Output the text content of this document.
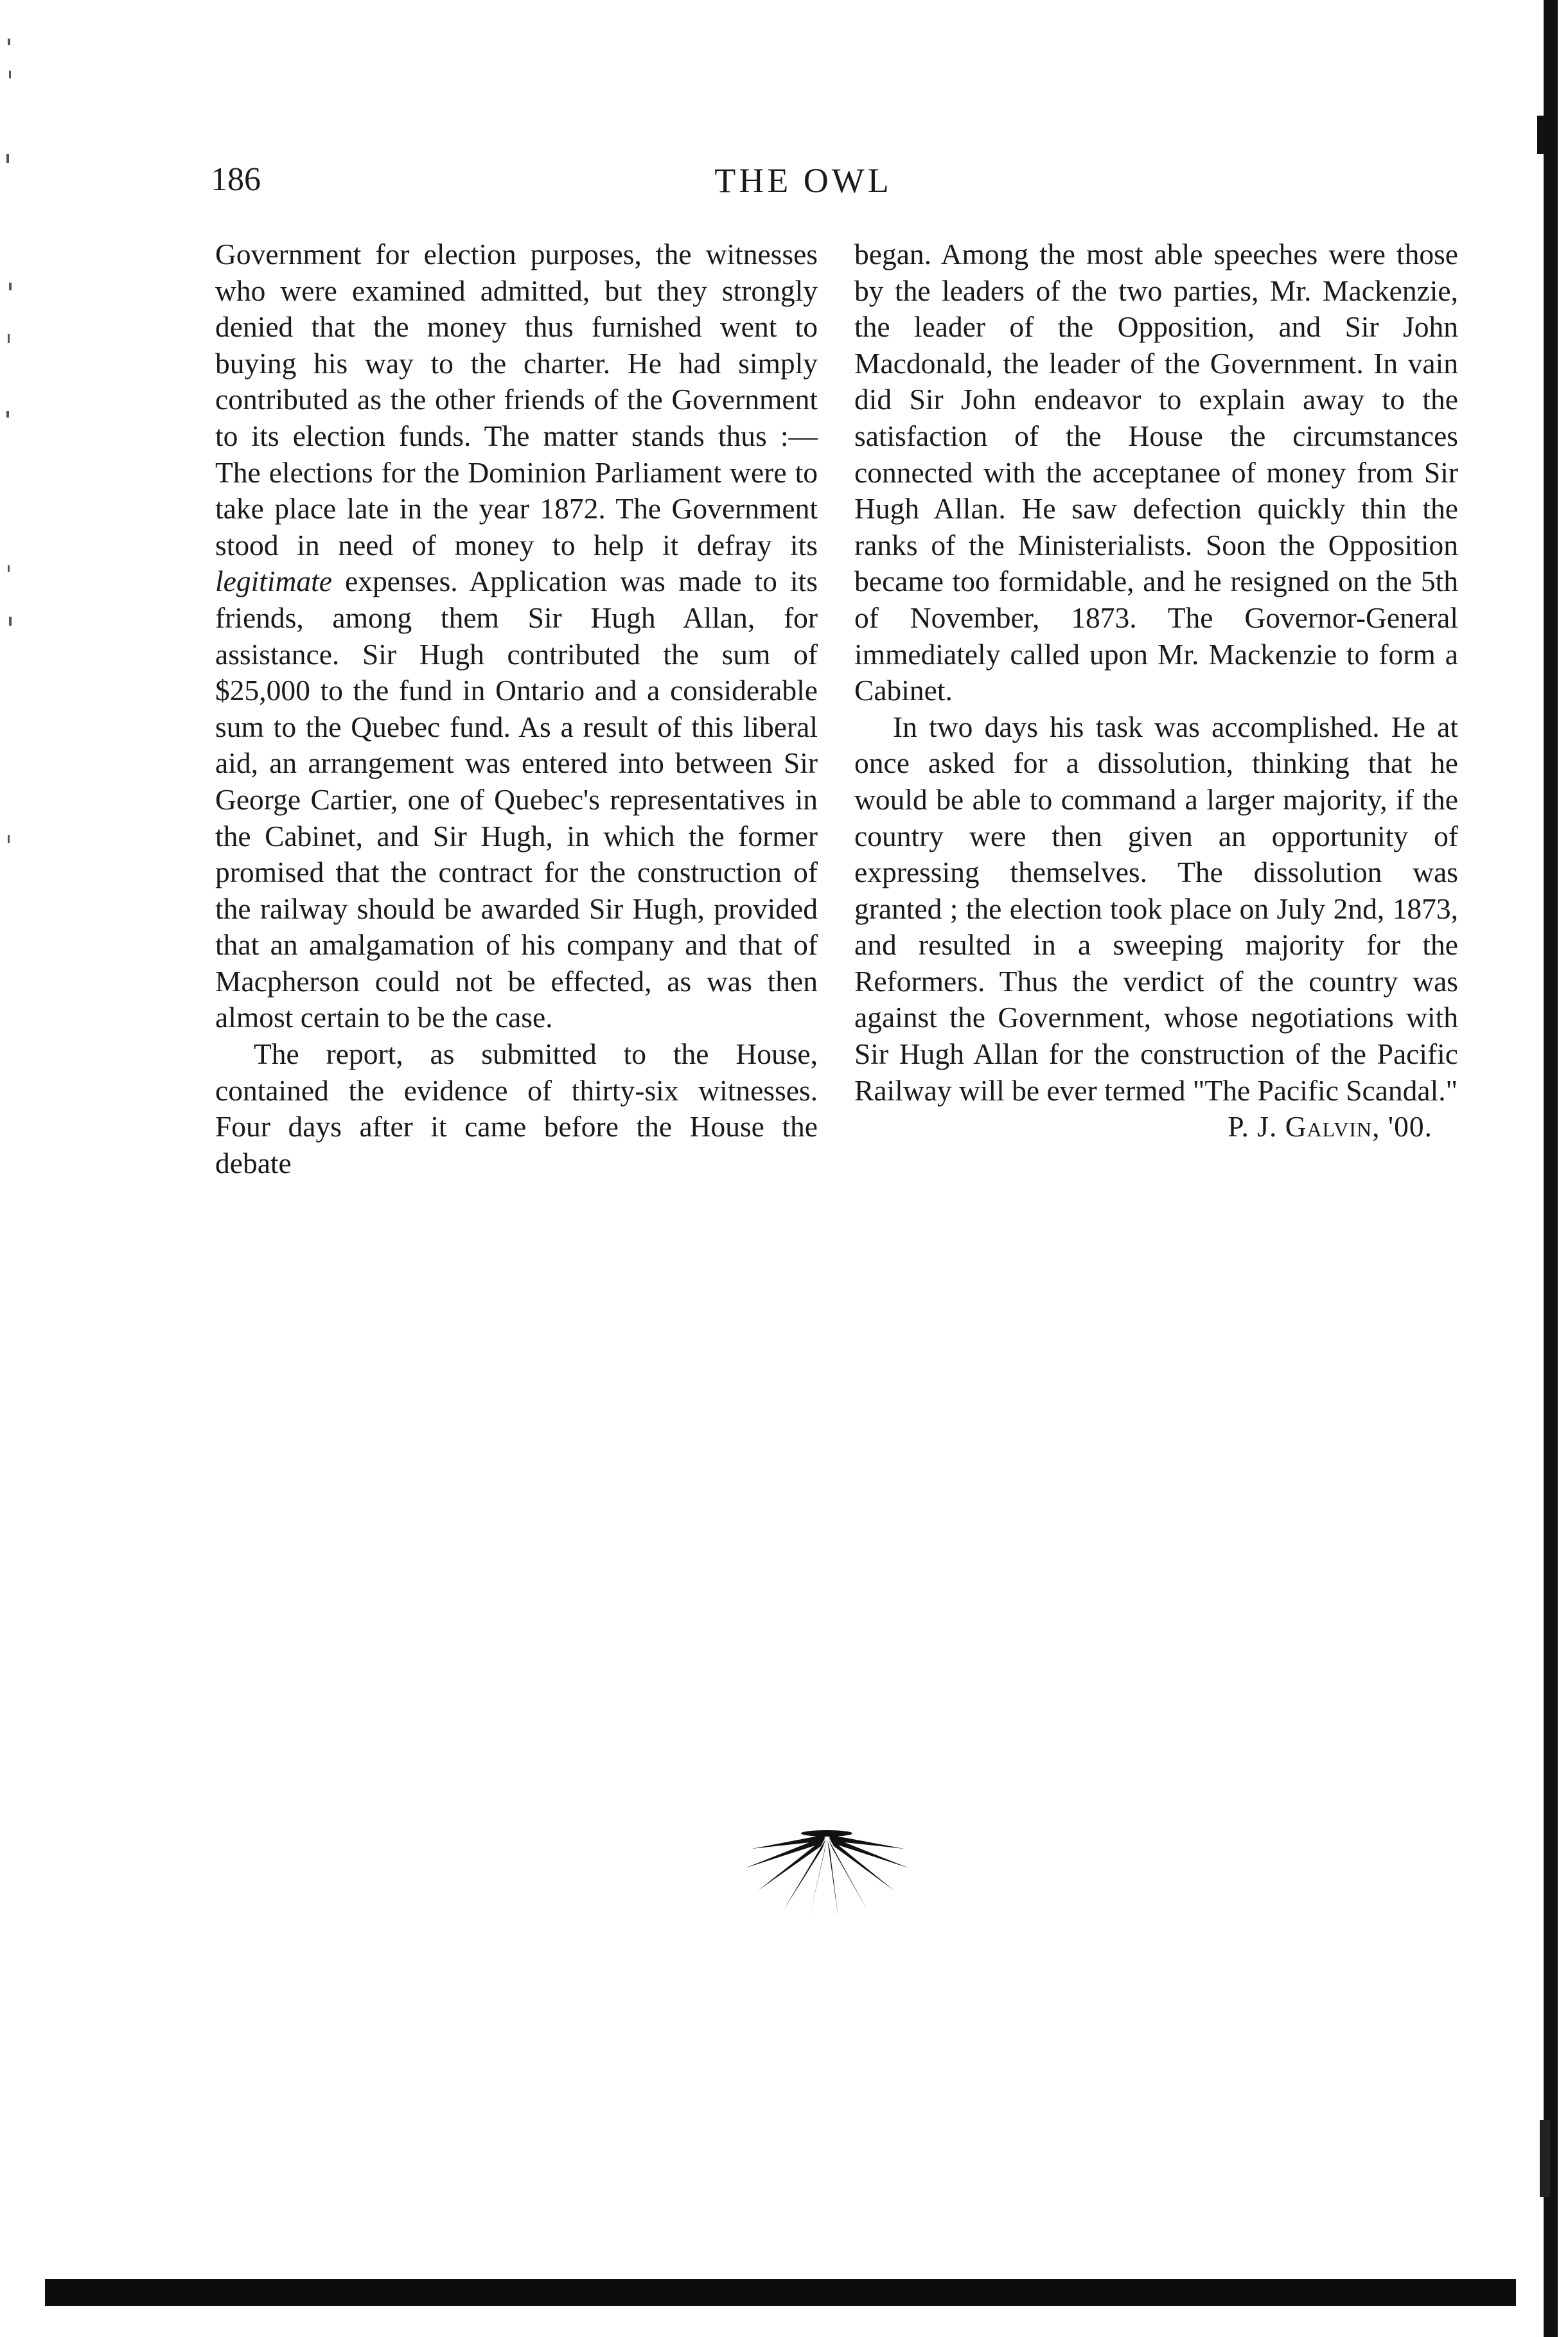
186	THE OWL

Government for election purposes, the witnesses who were examined admitted, but they strongly denied that the money thus furnished went to buying his way to the charter. He had simply contributed as the other friends of the Government to its election funds. The matter stands thus :— The elections for the Dominion Parliament were to take place late in the year 1872. The Government stood in need of money to help it defray its legitimate expenses. Application was made to its friends, among them Sir Hugh Allan, for assistance. Sir Hugh contributed the sum of $25,000 to the fund in Ontario and a considerable sum to the Quebec fund. As a result of this liberal aid, an arrangement was entered into between Sir George Cartier, one of Quebec's representatives in the Cabinet, and Sir Hugh, in which the former promised that the contract for the construction of the railway should be awarded Sir Hugh, provided that an amalgamation of his company and that of Macpherson could not be effected, as was then almost certain to be the case.

The report, as submitted to the House, contained the evidence of thirty-six witnesses. Four days after it came before the House the debate

began. Among the most able speeches were those by the leaders of the two parties, Mr. Mackenzie, the leader of the Opposition, and Sir John Macdonald, the leader of the Government. In vain did Sir John endeavor to explain away to the satisfaction of the House the circumstances connected with the acceptanee of money from Sir Hugh Allan. He saw defection quickly thin the ranks of the Ministerialists. Soon the Opposition became too formidable, and he resigned on the 5th of November, 1873. The Governor-General immediately called upon Mr. Mackenzie to form a Cabinet.

In two days his task was accomplished. He at once asked for a dissolution, thinking that he would be able to command a larger majority, if the country were then given an opportunity of expressing themselves. The dissolution was granted ; the election took place on July 2nd, 1873, and resulted in a sweeping majority for the Reformers. Thus the verdict of the country was against the Government, whose negotiations with Sir Hugh Allan for the construction of the Pacific Railway will be ever termed "The Pacific Scandal."

P. J. Galvin, '00.
